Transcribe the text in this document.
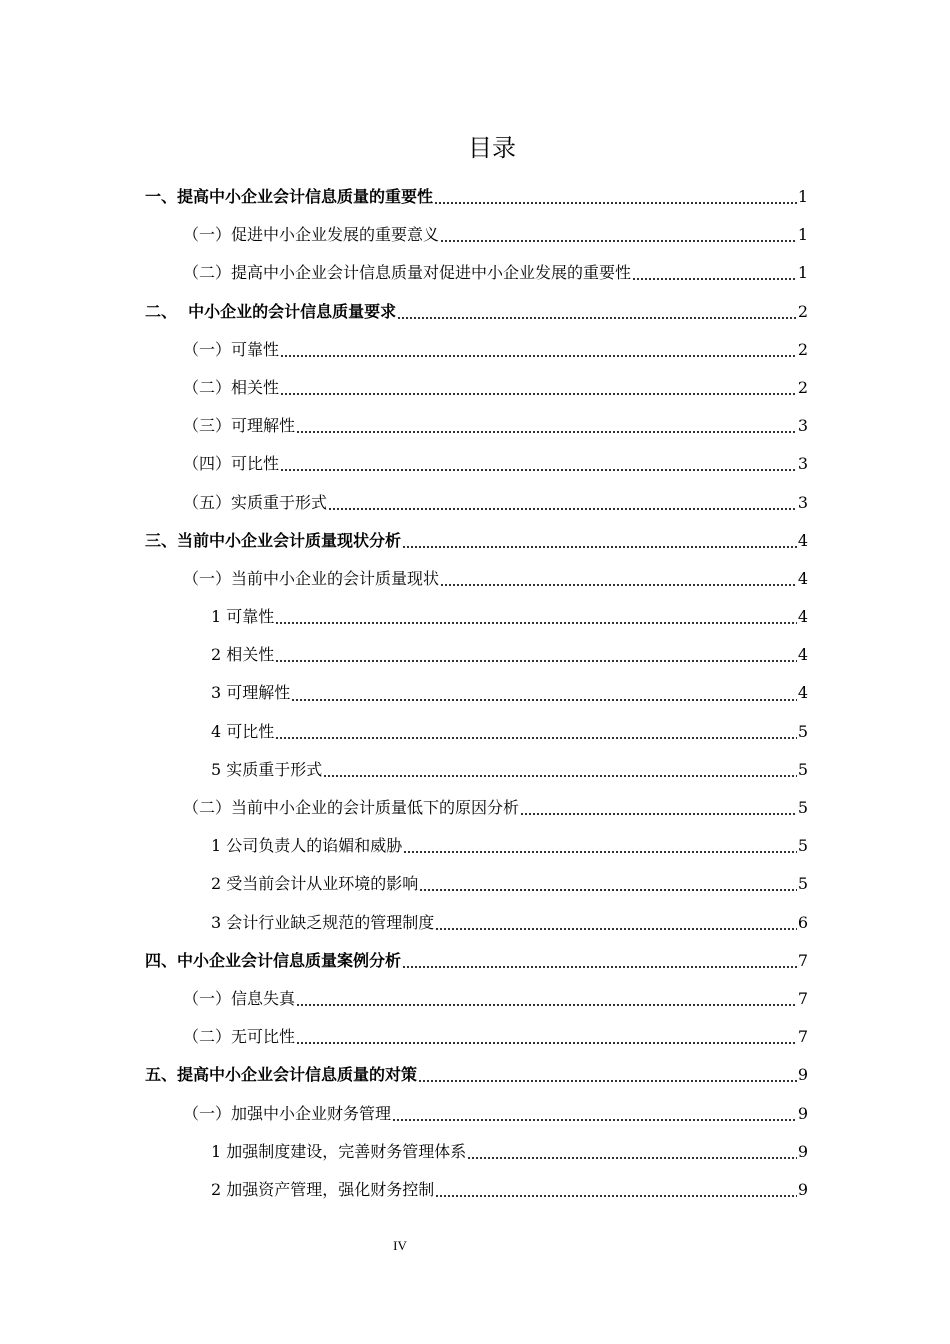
目录
一、提高中小企业会计信息质量的重要性	1
（一）促进中小企业发展的重要意义	1
（二）提高中小企业会计信息质量对促进中小企业发展的重要性	1
二、  中小企业的会计信息质量要求	2
（一）可靠性	2
（二）相关性	2
（三）可理解性	3
（四）可比性	3
（五）实质重于形式	3
三、当前中小企业会计质量现状分析	4
（一）当前中小企业的会计质量现状	4
1 可靠性	4
2 相关性	4
3 可理解性	4
4 可比性	5
5 实质重于形式	5
（二）当前中小企业的会计质量低下的原因分析	5
1 公司负责人的谄媚和威胁	5
2 受当前会计从业环境的影响	5
3 会计行业缺乏规范的管理制度	6
四、中小企业会计信息质量案例分析	7
（一）信息失真	7
（二）无可比性	7
五、提高中小企业会计信息质量的对策	9
（一）加强中小企业财务管理	9
1 加强制度建设，完善财务管理体系	9
2 加强资产管理，强化财务控制	9
IV
